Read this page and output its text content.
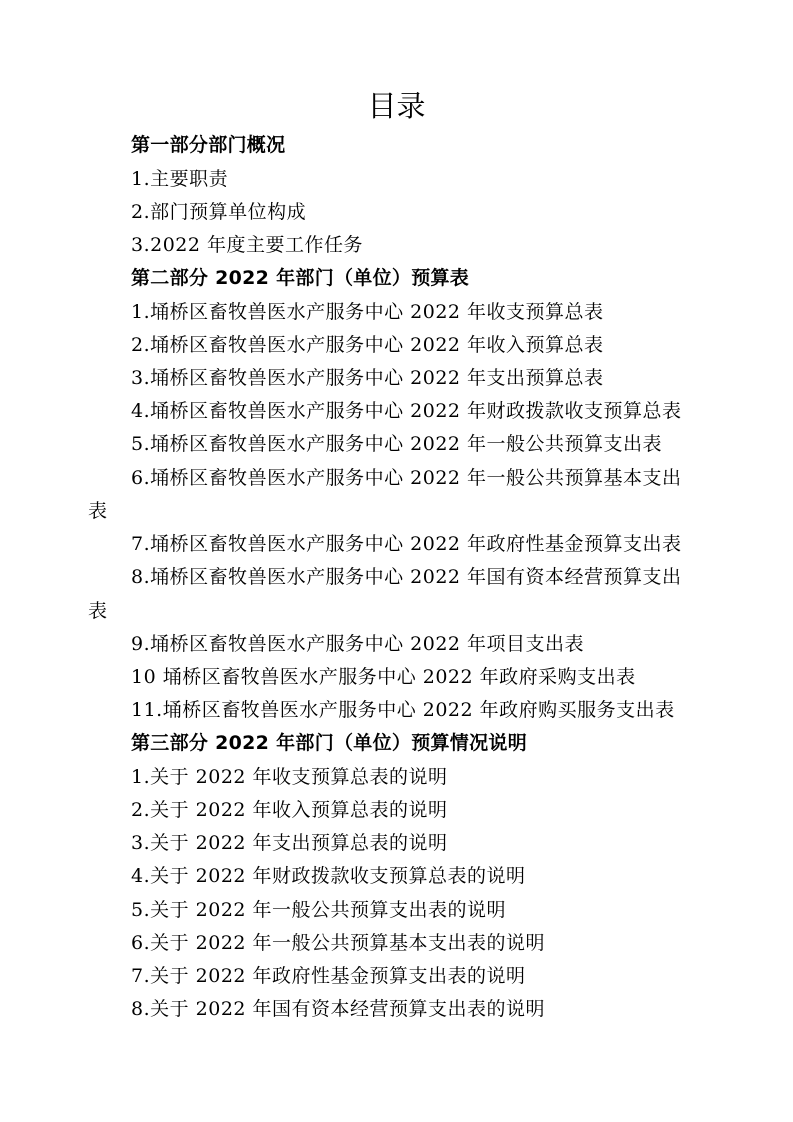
目录
第一部分部门概况
1.主要职责
2.部门预算单位构成
3.2022 年度主要工作任务
第二部分 2022 年部门（单位）预算表
1.埇桥区畜牧兽医水产服务中心 2022 年收支预算总表
2.埇桥区畜牧兽医水产服务中心 2022 年收入预算总表
3.埇桥区畜牧兽医水产服务中心 2022 年支出预算总表
4.埇桥区畜牧兽医水产服务中心 2022 年财政拨款收支预算总表
5.埇桥区畜牧兽医水产服务中心 2022 年一般公共预算支出表
6.埇桥区畜牧兽医水产服务中心 2022 年一般公共预算基本支出
表
7.埇桥区畜牧兽医水产服务中心 2022 年政府性基金预算支出表
8.埇桥区畜牧兽医水产服务中心 2022 年国有资本经营预算支出
表
9.埇桥区畜牧兽医水产服务中心 2022 年项目支出表
10 埇桥区畜牧兽医水产服务中心 2022 年政府采购支出表
11.埇桥区畜牧兽医水产服务中心 2022 年政府购买服务支出表
第三部分 2022 年部门（单位）预算情况说明
1.关于 2022 年收支预算总表的说明
2.关于 2022 年收入预算总表的说明
3.关于 2022 年支出预算总表的说明
4.关于 2022 年财政拨款收支预算总表的说明
5.关于 2022 年一般公共预算支出表的说明
6.关于 2022 年一般公共预算基本支出表的说明
7.关于 2022 年政府性基金预算支出表的说明
8.关于 2022 年国有资本经营预算支出表的说明
